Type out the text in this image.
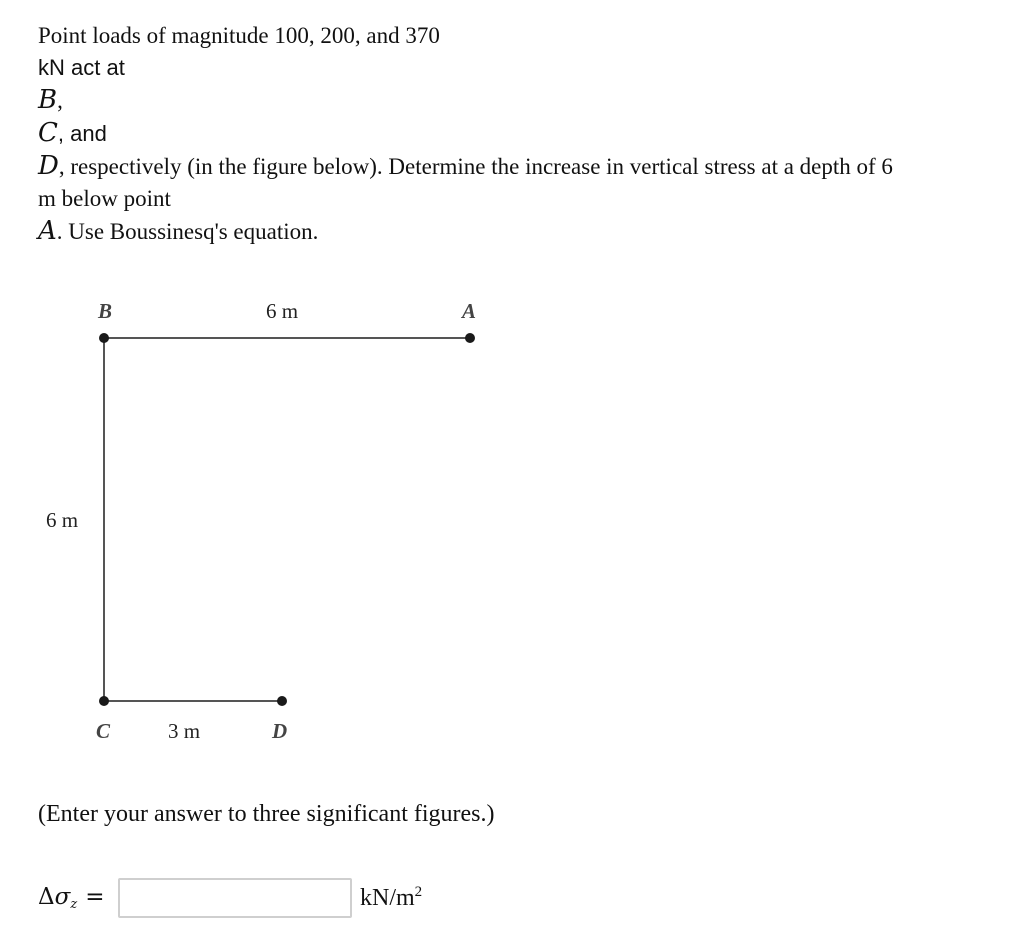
Point loads of magnitude 100, 200, and 370
kN act at
B,
C, and
D, respectively (in the figure below). Determine the increase in vertical stress at a depth of 6
m below point
A. Use Boussinesq's equation.
B	6 m	A
6 m
C	3 m	D
(Enter your answer to three significant figures.)
$\Delta\sigma_z$ =	$kN/m^2$
